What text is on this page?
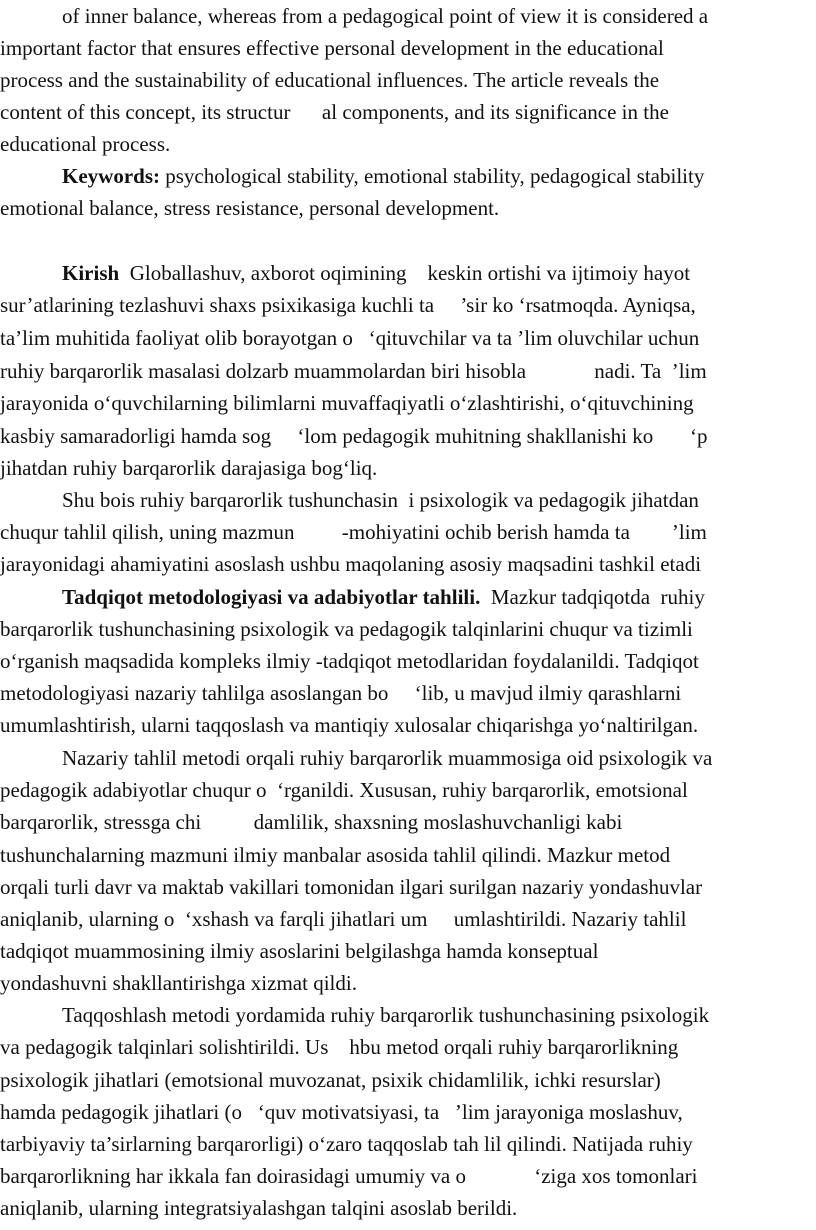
of inner balance, whereas from a pedagogical point of view it is considered a
important factor that ensures effective personal development in the educational
process and the sustainability of educational influences. The article reveals the
content of this concept, its structur      al components, and its significance in the
educational process.
Keywords: psychological stability, emotional stability, pedagogical stability
emotional balance, stress resistance, personal development.
Kirish  Globallashuv, axborot oqimining    keskin ortishi va ijtimoiy hayot
sur’atlarining tezlashuvi shaxs psixikasiga kuchli ta     ’sir ko ‘rsatmoqda. Ayniqsa,
ta’lim muhitida faoliyat olib borayotgan o   ‘qituvchilar va ta ’lim oluvchilar uchun
ruhiy barqarorlik masalasi dolzarb muammolardan biri hisobla             nadi. Ta  ’lim
jarayonida o‘quvchilarning bilimlarni muvaffaqiyatli o‘zlashtirishi, o‘qituvchining
kasbiy samaradorligi hamda sog     ‘lom pedagogik muhitning shakllanishi ko       ‘p
jihatdan ruhiy barqarorlik darajasiga bog‘liq.
Shu bois ruhiy barqarorlik tushunchasin  i psixologik va pedagogik jihatdan
chuqur tahlil qilish, uning mazmun         -mohiyatini ochib berish hamda ta        ’lim
jarayonidagi ahamiyatini asoslash ushbu maqolaning asosiy maqsadini tashkil etadi
Tadqiqot metodologiyasi va adabiyotlar tahlili.  Mazkur tadqiqotda  ruhiy
barqarorlik tushunchasining psixologik va pedagogik talqinlarini chuqur va tizimli
o‘rganish maqsadida kompleks ilmiy -tadqiqot metodlaridan foydalanildi. Tadqiqot
metodologiyasi nazariy tahlilga asoslangan bo     ‘lib, u mavjud ilmiy qarashlarni
umumlashtirish, ularni taqqoslash va mantiqiy xulosalar chiqarishga yo‘naltirilgan.
Nazariy tahlil metodi orqali ruhiy barqarorlik muammosiga oid psixologik va
pedagogik adabiyotlar chuqur o  ‘rganildi. Xususan, ruhiy barqarorlik, emotsional
barqarorlik, stressga chi          damlilik, shaxsning moslashuvchanligi kabi
tushunchalarning mazmuni ilmiy manbalar asosida tahlil qilindi. Mazkur metod
orqali turli davr va maktab vakillari tomonidan ilgari surilgan nazariy yondashuvlar
aniqlanib, ularning o  ‘xshash va farqli jihatlari um     umlashtirildi. Nazariy tahlil
tadqiqot muammosining ilmiy asoslarini belgilashga hamda konseptual
yondashuvni shakllantirishga xizmat qildi.
Taqqoshlash metodi yordamida ruhiy barqarorlik tushunchasining psixologik
va pedagogik talqinlari solishtirildi. Us    hbu metod orqali ruhiy barqarorlikning
psixologik jihatlari (emotsional muvozanat, psixik chidamlilik, ichki resurslar)
hamda pedagogik jihatlari (o   ‘quv motivatsiyasi, ta   ’lim jarayoniga moslashuv,
tarbiyaviy ta’sirlarning barqarorligi) o‘zaro taqqoslab tah lil qilindi. Natijada ruhiy
barqarorlikning har ikkala fan doirasidagi umumiy va o             ‘ziga xos tomonlari
aniqlanib, ularning integratsiyalashgan talqini asoslab berildi.
